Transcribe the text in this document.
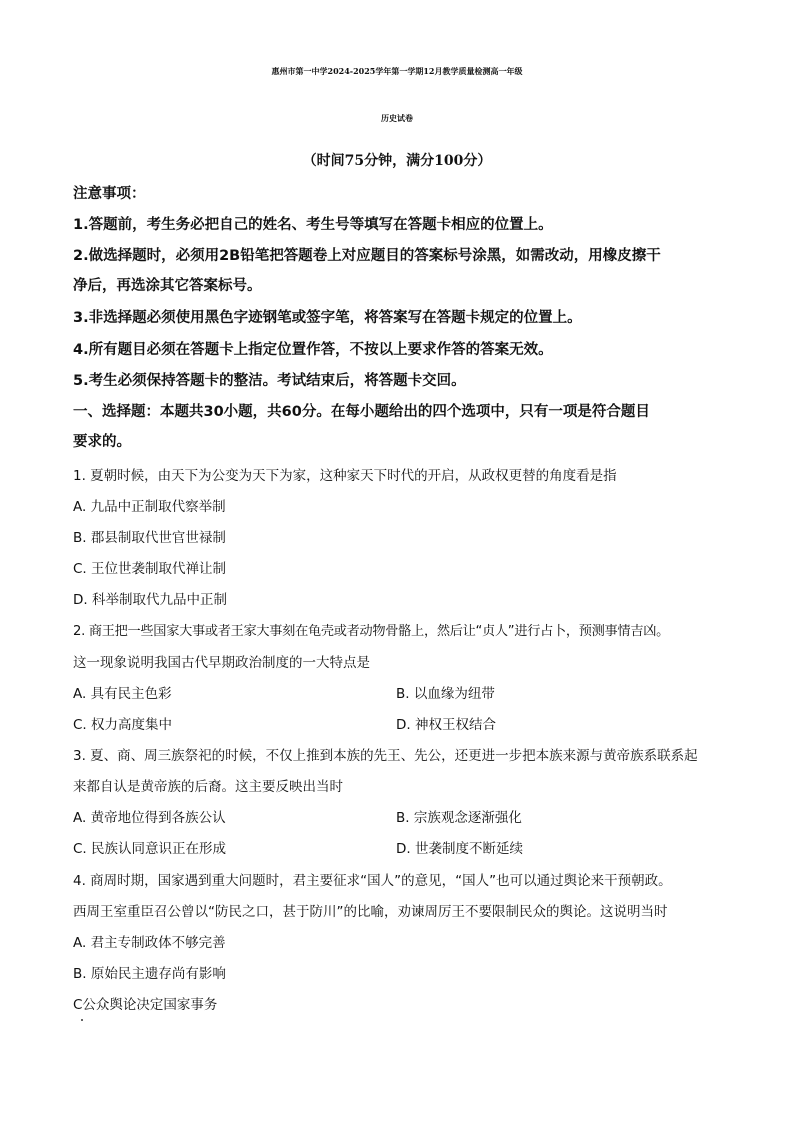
惠州市第一中学2024-2025学年第一学期12月教学质量检测高一年级
历史试卷
（时间75分钟，满分100分）
注意事项：
1.答题前，考生务必把自己的姓名、考生号等填写在答题卡相应的位置上。
2.做选择题时，必须用2B铅笔把答题卷上对应题目的答案标号涂黑，如需改动，用橡皮擦干
净后，再选涂其它答案标号。
3.非选择题必须使用黑色字迹钢笔或签字笔，将答案写在答题卡规定的位置上。
4.所有题目必须在答题卡上指定位置作答，不按以上要求作答的答案无效。
5.考生必须保持答题卡的整洁。考试结束后，将答题卡交回。
一、选择题：本题共30小题，共60分。在每小题给出的四个选项中，只有一项是符合题目
要求的。
1. 夏朝时候，由天下为公变为天下为家，这种家天下时代的开启，从政权更替的角度看是指
A. 九品中正制取代察举制
B. 郡县制取代世官世禄制
C. 王位世袭制取代禅让制
D. 科举制取代九品中正制
2. 商王把一些国家大事或者王家大事刻在龟壳或者动物骨骼上，然后让“贞人”进行占卜，预测事情吉凶。
这一现象说明我国古代早期政治制度的一大特点是
A. 具有民主色彩	B. 以血缘为纽带
C. 权力高度集中	D. 神权王权结合
3. 夏、商、周三族祭祀的时候，不仅上推到本族的先王、先公，还更进一步把本族来源与黄帝族系联系起
来都自认是黄帝族的后裔。这主要反映出当时
A. 黄帝地位得到各族公认	B. 宗族观念逐渐强化
C. 民族认同意识正在形成	D. 世袭制度不断延续
4. 商周时期，国家遇到重大问题时，君主要征求“国人”的意见，“国人”也可以通过舆论来干预朝政。
西周王室重臣召公曾以“防民之口，甚于防川”的比喻，劝谏周厉王不要限制民众的舆论。这说明当时
A. 君主专制政体不够完善
B. 原始民主遗存尚有影响
C公众舆论决定国家事务
